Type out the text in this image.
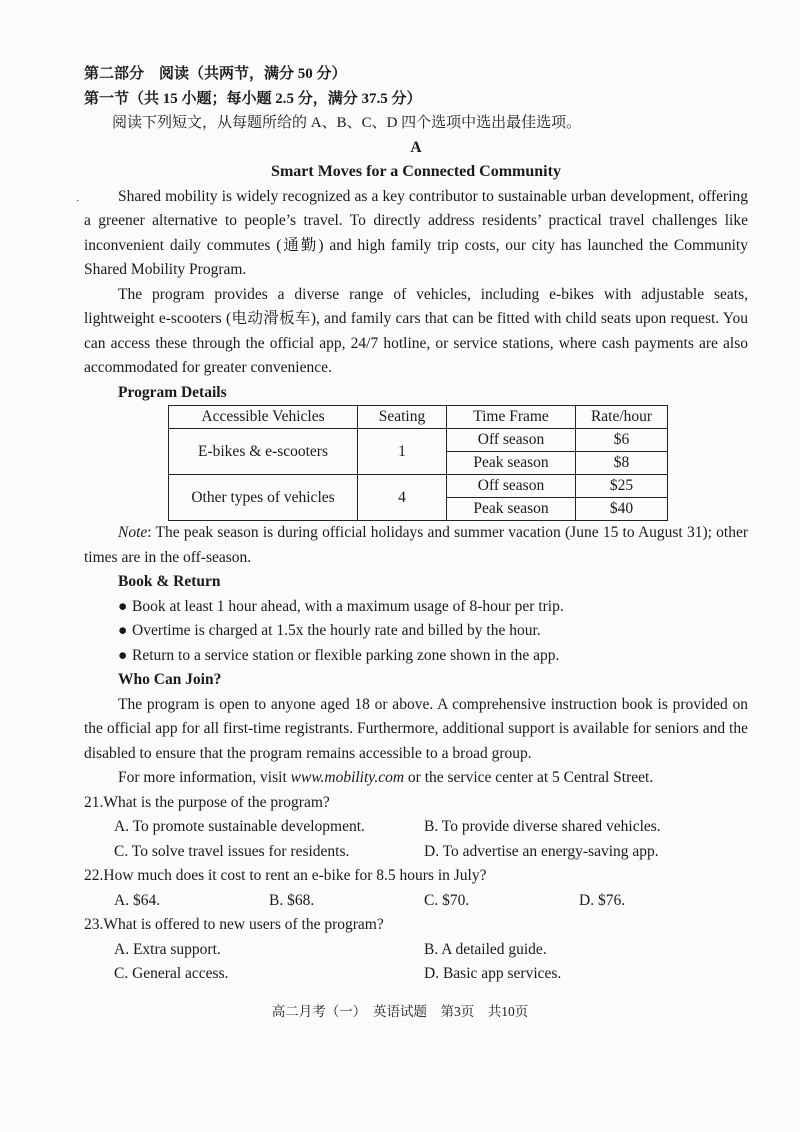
·

第二部分　阅读（共两节，满分 50 分）

第一节（共 15 小题；每小题 2.5 分，满分 37.5 分）

阅读下列短文，从每题所给的 A、B、C、D 四个选项中选出最佳选项。

A

Smart Moves for a Connected Community

Shared mobility is widely recognized as a key contributor to sustainable urban development, offering a greener alternative to people’s travel. To directly address residents’ practical travel challenges like inconvenient daily commutes (通勤) and high family trip costs, our city has launched the Community Shared Mobility Program.

The program provides a diverse range of vehicles, including e-bikes with adjustable seats, lightweight e-scooters (电动滑板车), and family cars that can be fitted with child seats upon request. You can access these through the official app, 24/7 hotline, or service stations, where cash payments are also accommodated for greater convenience.

Program Details

Accessible Vehicles	Seating	Time Frame	Rate/hour
E-bikes & e-scooters	1	Off season	$6
		Peak season	$8
Other types of vehicles	4	Off season	$25
		Peak season	$40

Note: The peak season is during official holidays and summer vacation (June 15 to August 31); other times are in the off-season.

Book & Return

● Book at least 1 hour ahead, with a maximum usage of 8-hour per trip.

● Overtime is charged at 1.5x the hourly rate and billed by the hour.

● Return to a service station or flexible parking zone shown in the app.

Who Can Join?

The program is open to anyone aged 18 or above. A comprehensive instruction book is provided on the official app for all first-time registrants. Furthermore, additional support is available for seniors and the disabled to ensure that the program remains accessible to a broad group.

For more information, visit www.mobility.com or the service center at 5 Central Street.

21.What is the purpose of the program?

A. To promote sustainable development.	B. To provide diverse shared vehicles.
C. To solve travel issues for residents.	D. To advertise an energy-saving app.

22.How much does it cost to rent an e-bike for 8.5 hours in July?

A. $64.	B. $68.	C. $70.	D. $76.

23.What is offered to new users of the program?

A. Extra support.	B. A detailed guide.
C. General access.	D. Basic app services.
高二月考（一）　英语试题　第3页　共10页
